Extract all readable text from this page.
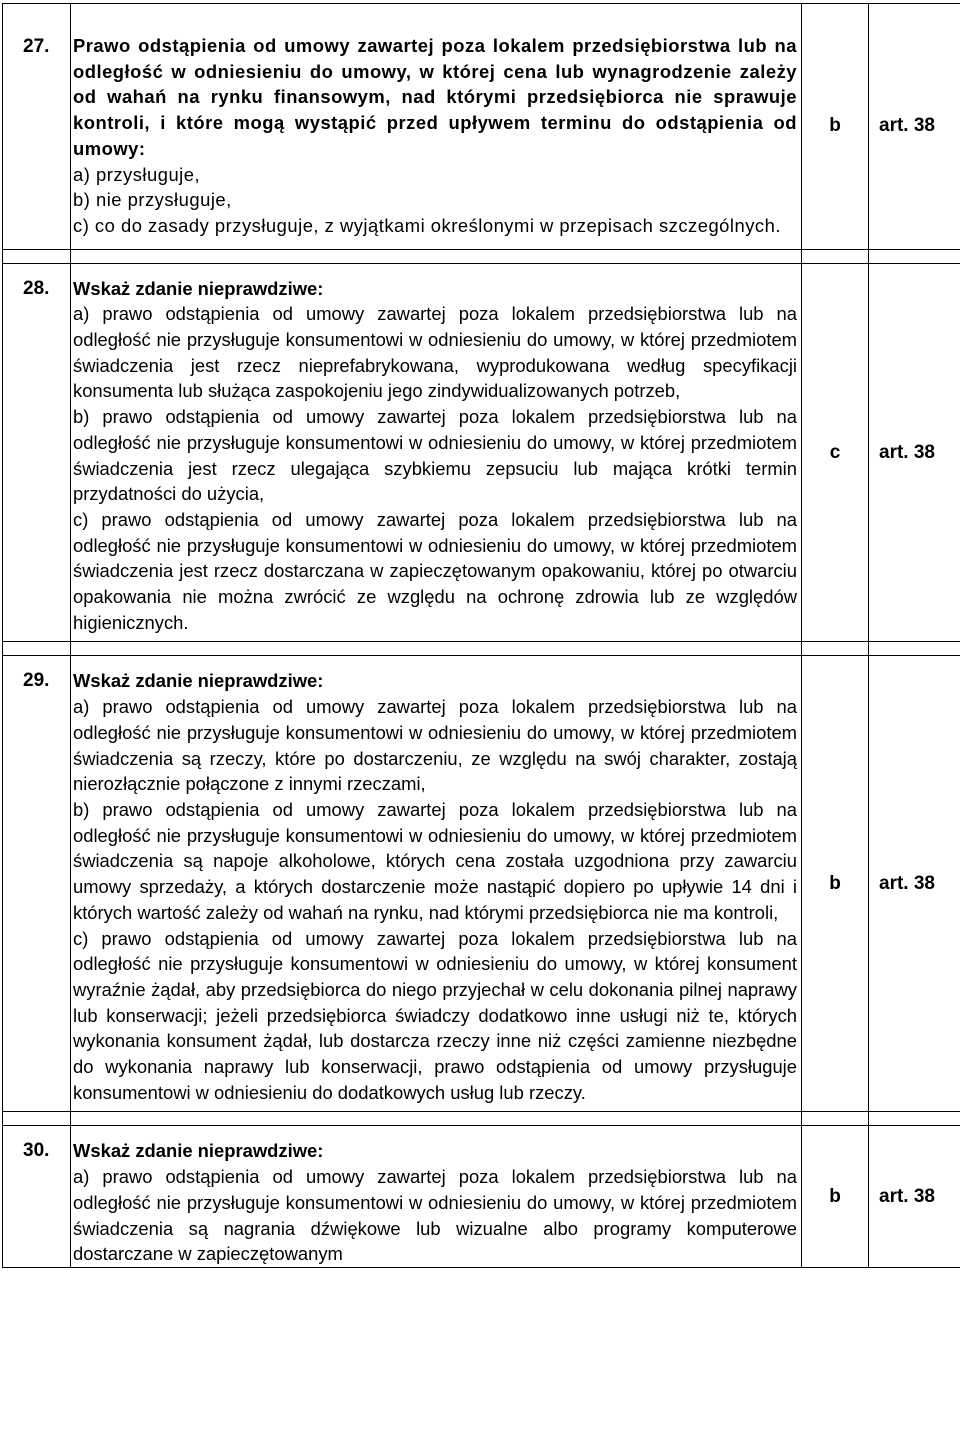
27.	Prawo odstąpienia od umowy zawartej poza lokalem przedsiębiorstwa lub na odległość w odniesieniu do umowy, w której cena lub wynagrodzenie zależy od wahań na rynku finansowym, nad którymi przedsiębiorca nie sprawuje kontroli, i które mogą wystąpić przed upływem terminu do odstąpienia od umowy:
a) przysługuje,
b) nie przysługuje,
c) co do zasady przysługuje, z wyjątkami określonymi w przepisach szczególnych.	b	art. 38

28.	Wskaż zdanie nieprawdziwe:
a) prawo odstąpienia od umowy zawartej poza lokalem przedsiębiorstwa lub na odległość nie przysługuje konsumentowi w odniesieniu do umowy, w której przedmiotem świadczenia jest rzecz nieprefabrykowana, wyprodukowana według specyfikacji konsumenta lub służąca zaspokojeniu jego zindywidualizowanych potrzeb,
b) prawo odstąpienia od umowy zawartej poza lokalem przedsiębiorstwa lub na odległość nie przysługuje konsumentowi w odniesieniu do umowy, w której przedmiotem świadczenia jest rzecz ulegająca szybkiemu zepsuciu lub mająca krótki termin przydatności do użycia,
c) prawo odstąpienia od umowy zawartej poza lokalem przedsiębiorstwa lub na odległość nie przysługuje konsumentowi w odniesieniu do umowy, w której przedmiotem świadczenia jest rzecz dostarczana w zapieczętowanym opakowaniu, której po otwarciu opakowania nie można zwrócić ze względu na ochronę zdrowia lub ze względów higienicznych.	c	art. 38

29.	Wskaż zdanie nieprawdziwe:
a) prawo odstąpienia od umowy zawartej poza lokalem przedsiębiorstwa lub na odległość nie przysługuje konsumentowi w odniesieniu do umowy, w której przedmiotem świadczenia są rzeczy, które po dostarczeniu, ze względu na swój charakter, zostają nierozłącznie połączone z innymi rzeczami,
b) prawo odstąpienia od umowy zawartej poza lokalem przedsiębiorstwa lub na odległość nie przysługuje konsumentowi w odniesieniu do umowy, w której przedmiotem świadczenia są napoje alkoholowe, których cena została uzgodniona przy zawarciu umowy sprzedaży, a których dostarczenie może nastąpić dopiero po upływie 14 dni i których wartość zależy od wahań na rynku, nad którymi przedsiębiorca nie ma kontroli,
c) prawo odstąpienia od umowy zawartej poza lokalem przedsiębiorstwa lub na odległość nie przysługuje konsumentowi w odniesieniu do umowy, w której konsument wyraźnie żądał, aby przedsiębiorca do niego przyjechał w celu dokonania pilnej naprawy lub konserwacji; jeżeli przedsiębiorca świadczy dodatkowo inne usługi niż te, których wykonania konsument żądał, lub dostarcza rzeczy inne niż części zamienne niezbędne do wykonania naprawy lub konserwacji, prawo odstąpienia od umowy przysługuje konsumentowi w odniesieniu do dodatkowych usług lub rzeczy.	b	art. 38

30.	Wskaż zdanie nieprawdziwe:
a) prawo odstąpienia od umowy zawartej poza lokalem przedsiębiorstwa lub na odległość nie przysługuje konsumentowi w odniesieniu do umowy, w której przedmiotem świadczenia są nagrania dźwiękowe lub wizualne albo programy komputerowe dostarczane w zapieczętowanym	b	art. 38
